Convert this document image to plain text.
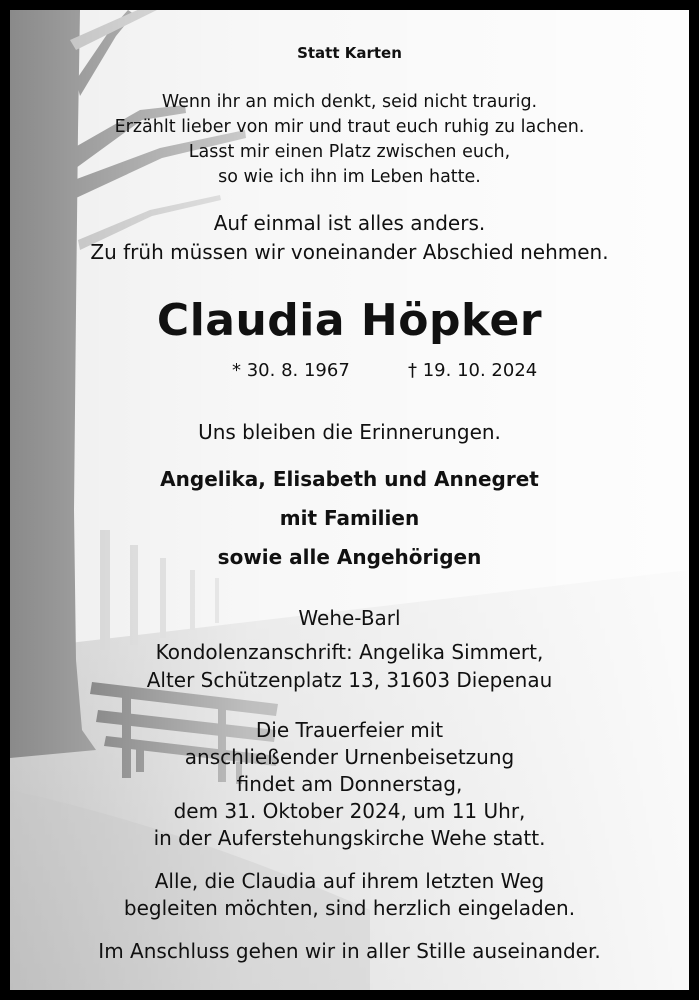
Statt Karten

Wenn ihr an mich denkt, seid nicht traurig.

Erzählt lieber von mir und traut euch ruhig zu lachen.

Lasst mir einen Platz zwischen euch,

so wie ich ihn im Leben hatte.

Auf einmal ist alles anders.

Zu früh müssen wir voneinander Abschied nehmen.

Claudia Höpker

* 30. 8. 1967	† 19. 10. 2024

Uns bleiben die Erinnerungen.

Angelika, Elisabeth und Annegret

mit Familien

sowie alle Angehörigen

Wehe-Barl

Kondolenzanschrift: Angelika Simmert,

Alter Schützenplatz 13, 31603 Diepenau

Die Trauerfeier mit

anschließender Urnenbeisetzung

findet am Donnerstag,

dem 31. Oktober 2024, um 11 Uhr,

in der Auferstehungskirche Wehe statt.

Alle, die Claudia auf ihrem letzten Weg

begleiten möchten, sind herzlich eingeladen.

Im Anschluss gehen wir in aller Stille auseinander.
